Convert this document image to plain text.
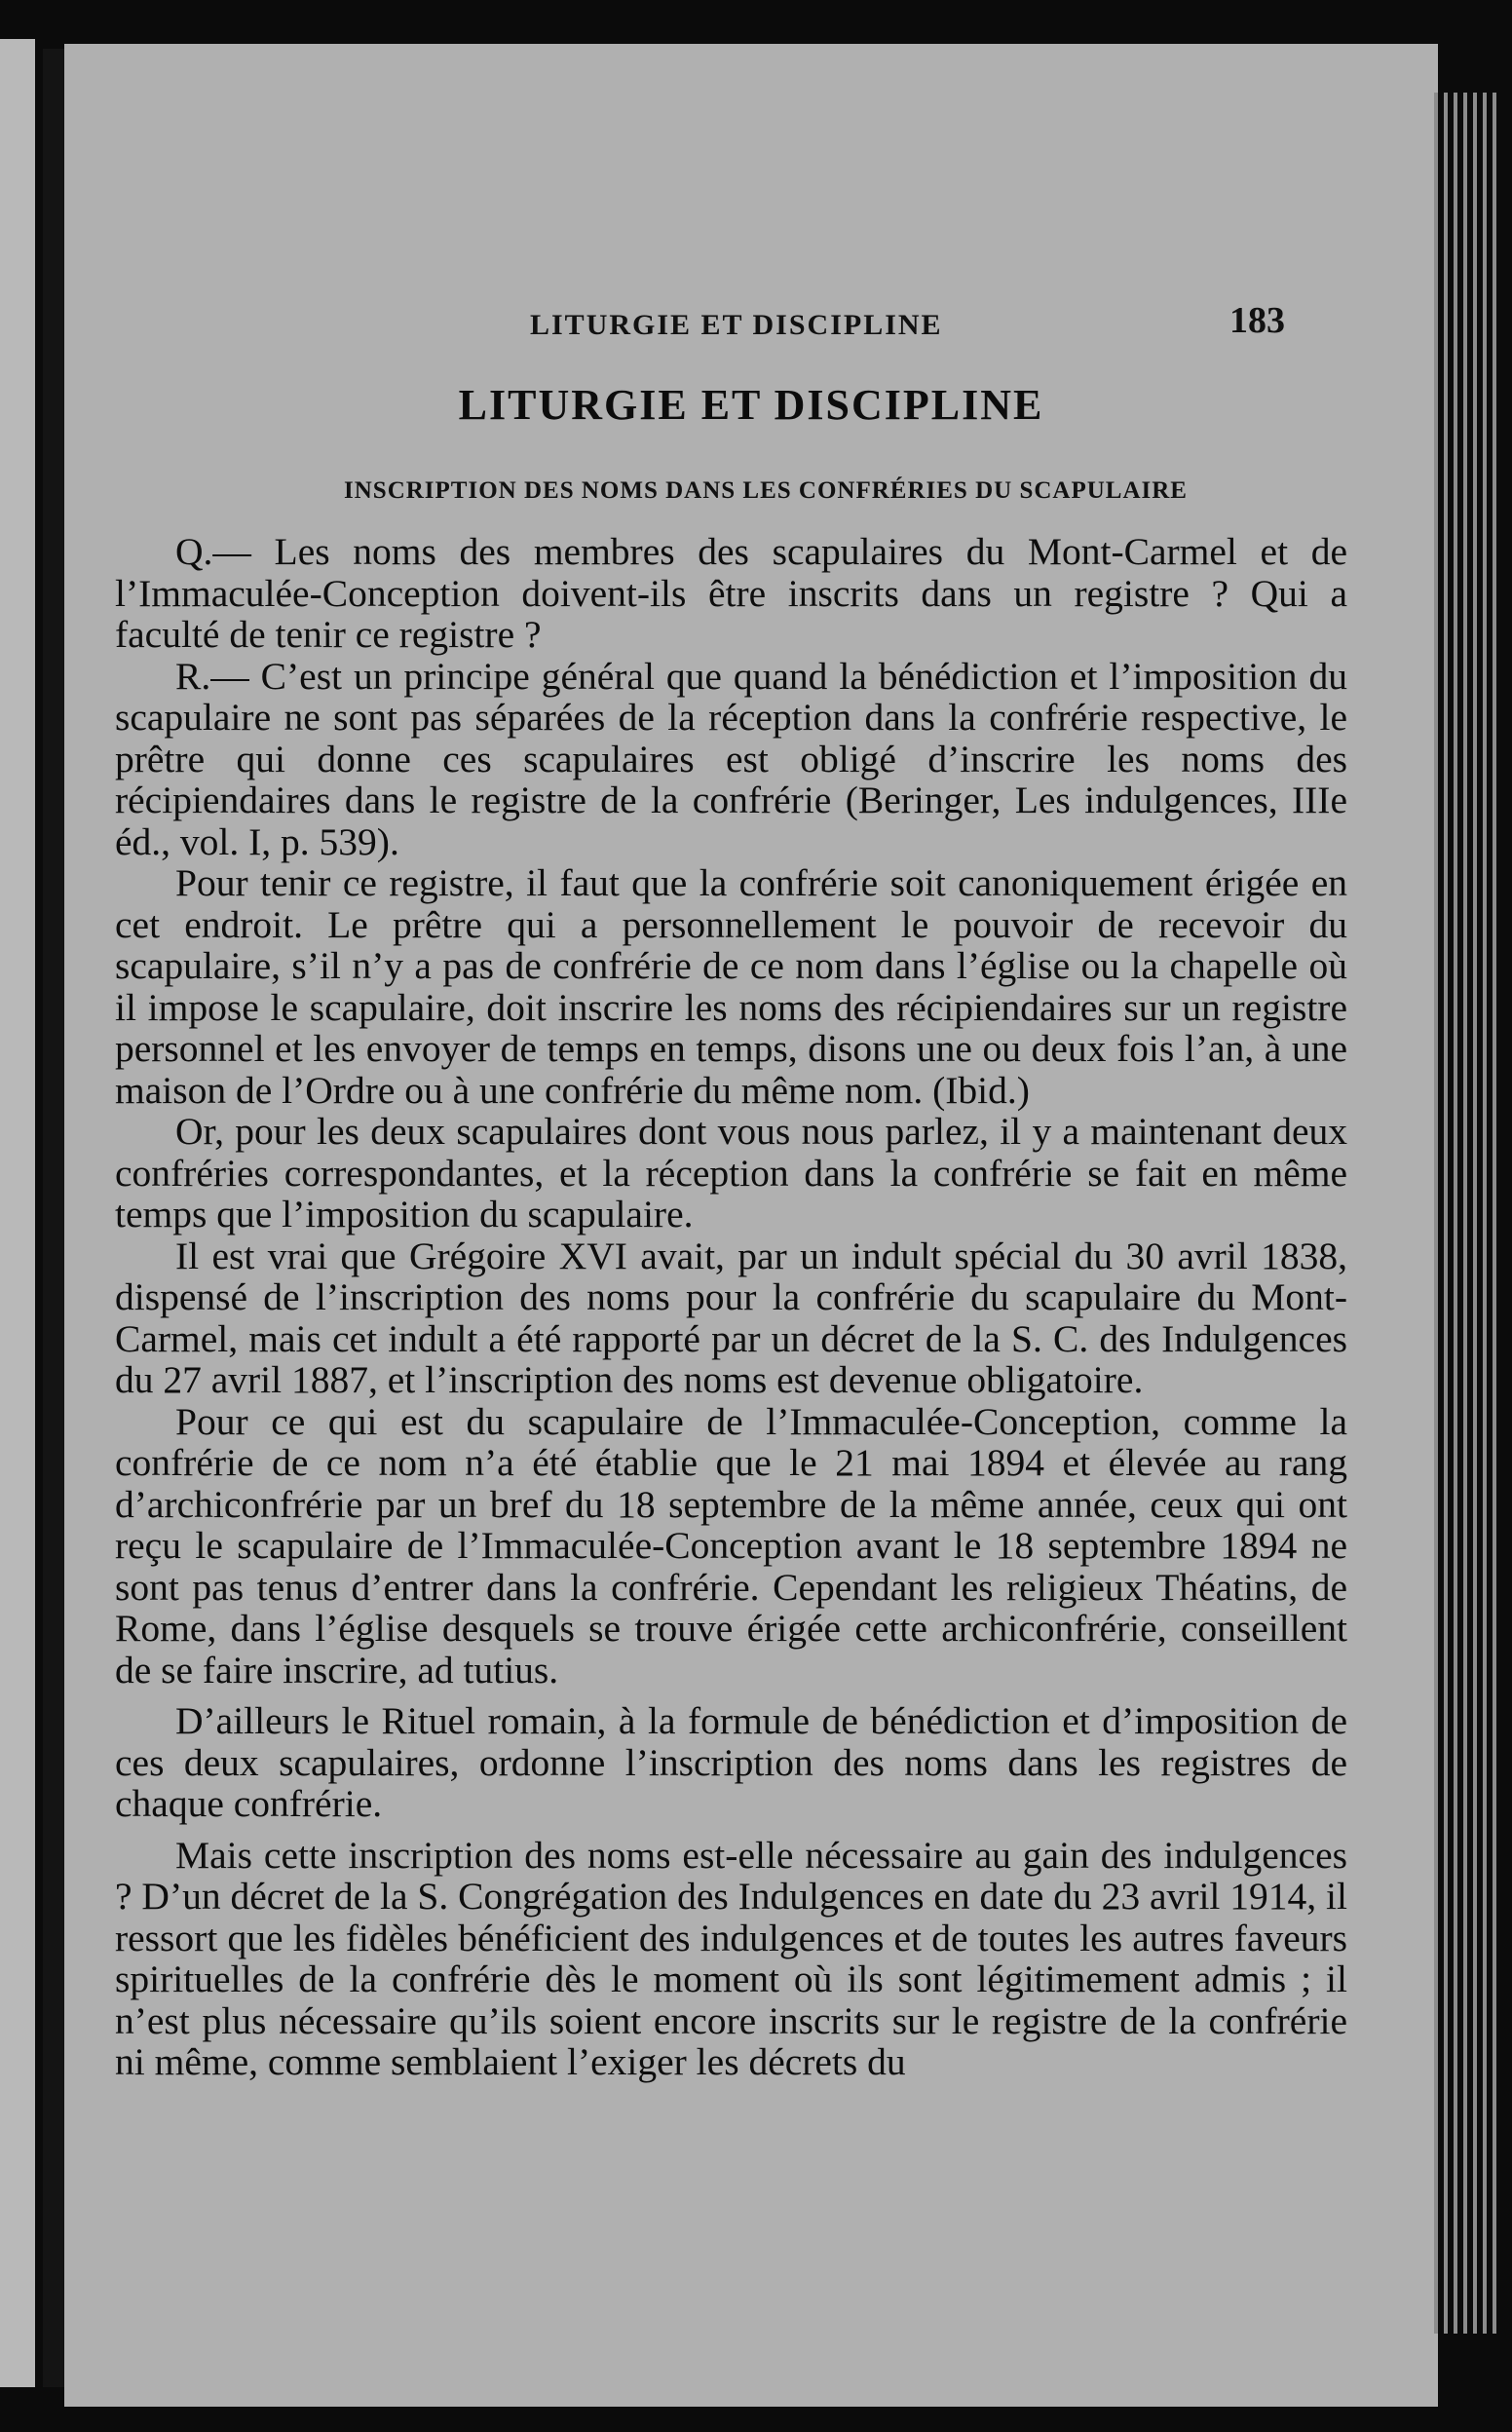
LITURGIE ET DISCIPLINE	183
LITURGIE ET DISCIPLINE
INSCRIPTION DES NOMS DANS LES CONFRÉRIES DU SCAPULAIRE

Q.— Les noms des membres des scapulaires du Mont-Carmel et de l’Immaculée-Conception doivent-ils être inscrits dans un registre ? Qui a faculté de tenir ce registre ?

R.— C’est un principe général que quand la bénédiction et l’imposition du scapulaire ne sont pas séparées de la réception dans la confrérie respective, le prêtre qui donne ces scapulaires est obligé d’inscrire les noms des récipiendaires dans le registre de la confrérie (Beringer, Les indulgences, IIIe éd., vol. I, p. 539).

Pour tenir ce registre, il faut que la confrérie soit canoniquement érigée en cet endroit. Le prêtre qui a personnellement le pouvoir de recevoir du scapulaire, s’il n’y a pas de confrérie de ce nom dans l’église ou la chapelle où il impose le scapulaire, doit inscrire les noms des récipiendaires sur un registre personnel et les envoyer de temps en temps, disons une ou deux fois l’an, à une maison de l’Ordre ou à une confrérie du même nom. (Ibid.)

Or, pour les deux scapulaires dont vous nous parlez, il y a maintenant deux confréries correspondantes, et la réception dans la confrérie se fait en même temps que l’imposition du scapulaire.

Il est vrai que Grégoire XVI avait, par un indult spécial du 30 avril 1838, dispensé de l’inscription des noms pour la confrérie du scapulaire du Mont-Carmel, mais cet indult a été rapporté par un décret de la S. C. des Indulgences du 27 avril 1887, et l’inscription des noms est devenue obligatoire.

Pour ce qui est du scapulaire de l’Immaculée-Conception, comme la confrérie de ce nom n’a été établie que le 21 mai 1894 et élevée au rang d’archiconfrérie par un bref du 18 septembre de la même année, ceux qui ont reçu le scapulaire de l’Immaculée-Conception avant le 18 septembre 1894 ne sont pas tenus d’entrer dans la confrérie. Cependant les religieux Théatins, de Rome, dans l’église desquels se trouve érigée cette archiconfrérie, conseillent de se faire inscrire, ad tutius.

D’ailleurs le Rituel romain, à la formule de bénédiction et d’imposition de ces deux scapulaires, ordonne l’inscription des noms dans les registres de chaque confrérie.

Mais cette inscription des noms est-elle nécessaire au gain des indulgences ? D’un décret de la S. Congrégation des Indulgences en date du 23 avril 1914, il ressort que les fidèles bénéficient des indulgences et de toutes les autres faveurs spirituelles de la confrérie dès le moment où ils sont légitimement admis ; il n’est plus nécessaire qu’ils soient encore inscrits sur le registre de la confrérie ni même, comme semblaient l’exiger les décrets du
